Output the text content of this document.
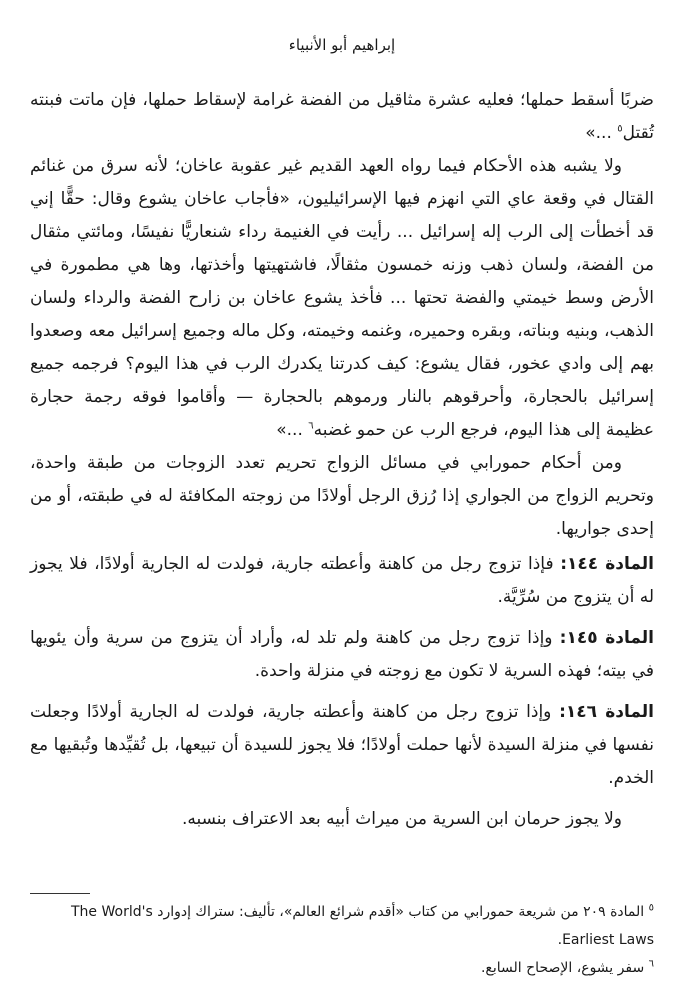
إبراهيم أبو الأنبياء

ضربًا أسقط حملها؛ فعليه عشرة مثاقيل من الفضة غرامة لإسقاط حملها، فإن ماتت فبنته تُقتل$^٥$ ...»

ولا يشبه هذه الأحكام فيما رواه العهد القديم غير عقوبة عاخان؛ لأنه سرق من غنائم القتال في وقعة عاي التي انهزم فيها الإسرائيليون، «فأجاب عاخان يشوع وقال: حقًّا إني قد أخطأت إلى الرب إله إسرائيل ... رأيت في الغنيمة رداء شنعاريًّا نفيسًا، ومائتي مثقال من الفضة، ولسان ذهب وزنه خمسون مثقالًا، فاشتهيتها وأخذتها، وها هي مطمورة في الأرض وسط خيمتي والفضة تحتها ... فأخذ يشوع عاخان بن زارح الفضة والرداء ولسان الذهب، وبنيه وبناته، وبقره وحميره، وغنمه وخيمته، وكل ماله وجميع إسرائيل معه وصعدوا بهم إلى وادي عخور، فقال يشوع: كيف كدرتنا يكدرك الرب في هذا اليوم؟ فرجمه جميع إسرائيل بالحجارة، وأحرقوهم بالنار ورموهم بالحجارة — وأقاموا فوقه رجمة حجارة عظيمة إلى هذا اليوم، فرجع الرب عن حمو غضبه$^٦$ ...»

ومن أحكام حمورابي في مسائل الزواج تحريم تعدد الزوجات من طبقة واحدة، وتحريم الزواج من الجواري إذا رُزق الرجل أولادًا من زوجته المكافئة له في طبقته، أو من إحدى جواريها.

المادة ١٤٤: فإذا تزوج رجل من كاهنة وأعطته جارية، فولدت له الجارية أولادًا، فلا يجوز له أن يتزوج من سُرِّيَّة.

المادة ١٤٥: وإذا تزوج رجل من كاهنة ولم تلد له، وأراد أن يتزوج من سرية وأن يئويها في بيته؛ فهذه السرية لا تكون مع زوجته في منزلة واحدة.

المادة ١٤٦: وإذا تزوج رجل من كاهنة وأعطته جارية، فولدت له الجارية أولادًا وجعلت نفسها في منزلة السيدة لأنها حملت أولادًا؛ فلا يجوز للسيدة أن تبيعها، بل تُقيِّدها وتُبقيها مع الخدم.

ولا يجوز حرمان ابن السرية من ميراث أبيه بعد الاعتراف بنسبه.

$^٥$ المادة ٢٠٩ من شريعة حمورابي من كتاب «أقدم شرائع العالم»، تأليف: ستراك إدوارد The World's Earliest Laws.

$^٦$ سفر يشوع، الإصحاح السابع.
